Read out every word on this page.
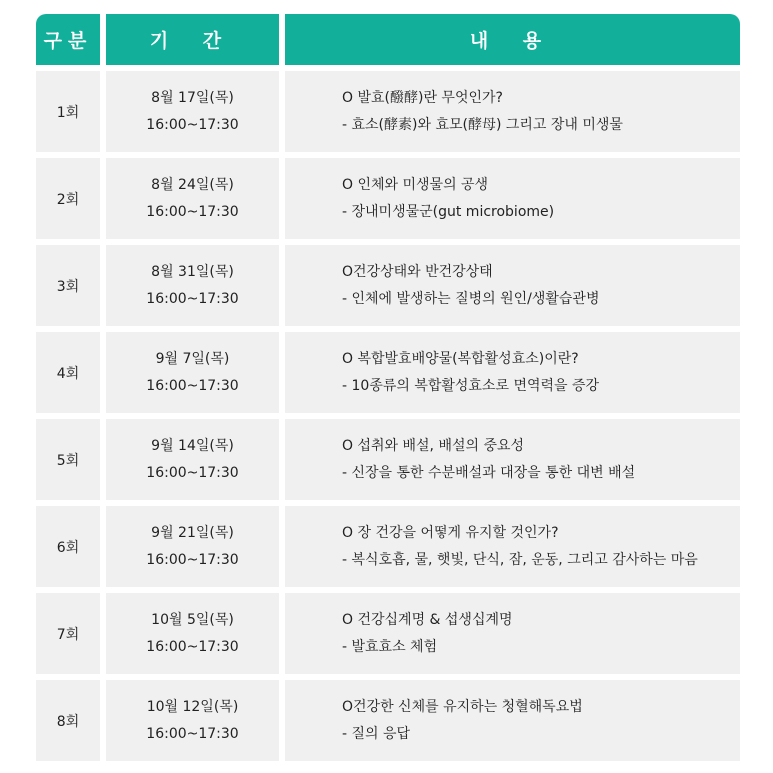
구분	기 간	내 용
1회
8월 17일(목)
16:00~17:30
O 발효(醱酵)란 무엇인가?
- 효소(酵素)와 효모(酵母) 그리고 장내 미생물
2회
8월 24일(목)
16:00~17:30
O 인체와 미생물의 공생
- 장내미생물군(gut microbiome)
3회
8월 31일(목)
16:00~17:30
O건강상태와 반건강상태
- 인체에 발생하는 질병의 원인/생활습관병
4회
9월 7일(목)
16:00~17:30
O 복합발효배양물(복합활성효소)이란?
- 10종류의 복합활성효소로 면역력을 증강
5회
9월 14일(목)
16:00~17:30
O 섭취와 배설, 배설의 중요성
- 신장을 통한 수분배설과 대장을 통한 대변 배설
6회
9월 21일(목)
16:00~17:30
O 장 건강을 어떻게 유지할 것인가?
- 복식호흡, 물, 햇빛, 단식, 잠, 운동, 그리고 감사하는 마음
7회
10월 5일(목)
16:00~17:30
O 건강십계명 & 섭생십계명
- 발효효소 체험
8회
10월 12일(목)
16:00~17:30
O건강한 신체를 유지하는 청혈해독요법
- 질의 응답
